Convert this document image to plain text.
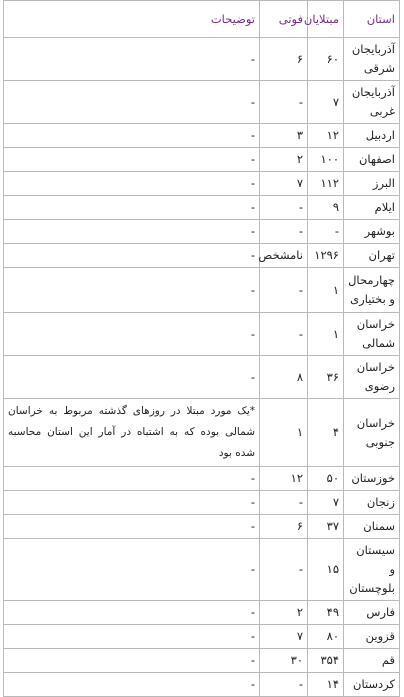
استان	مبتلایان	فوتی	توضیحات
آذربایجان شرقی	۶۰	۶	-
آذربایجان غربی	۷	-	-
اردبیل	۱۲	۳	-
اصفهان	۱۰۰	۲	-
البرز	۱۱۲	۷	-
ایلام	۹	-	-
بوشهر	-	-	-
تهران	۱۲۹۶	نامشخص	-
چهارمحال و بختیاری	۱	-	-
خراسان شمالی	۱	-	-
خراسان رضوی	۳۶	۸	-
خراسان جنوبی	۴	۱	*یک مورد مبتلا در روزهای گذشته مربوط به خراسان شمالی بوده که به اشتباه در آمار این استان محاسبه شده بود
خوزستان	۵۰	۱۲	-
زنجان	۷	-	-
سمنان	۳۷	۶	-
سیستان و بلوچستان	۱۵	-	-
فارس	۴۹	۲	-
قزوین	۸۰	۷	-
قم	۳۵۴	۳۰	-
کردستان	۱۴	-	-
